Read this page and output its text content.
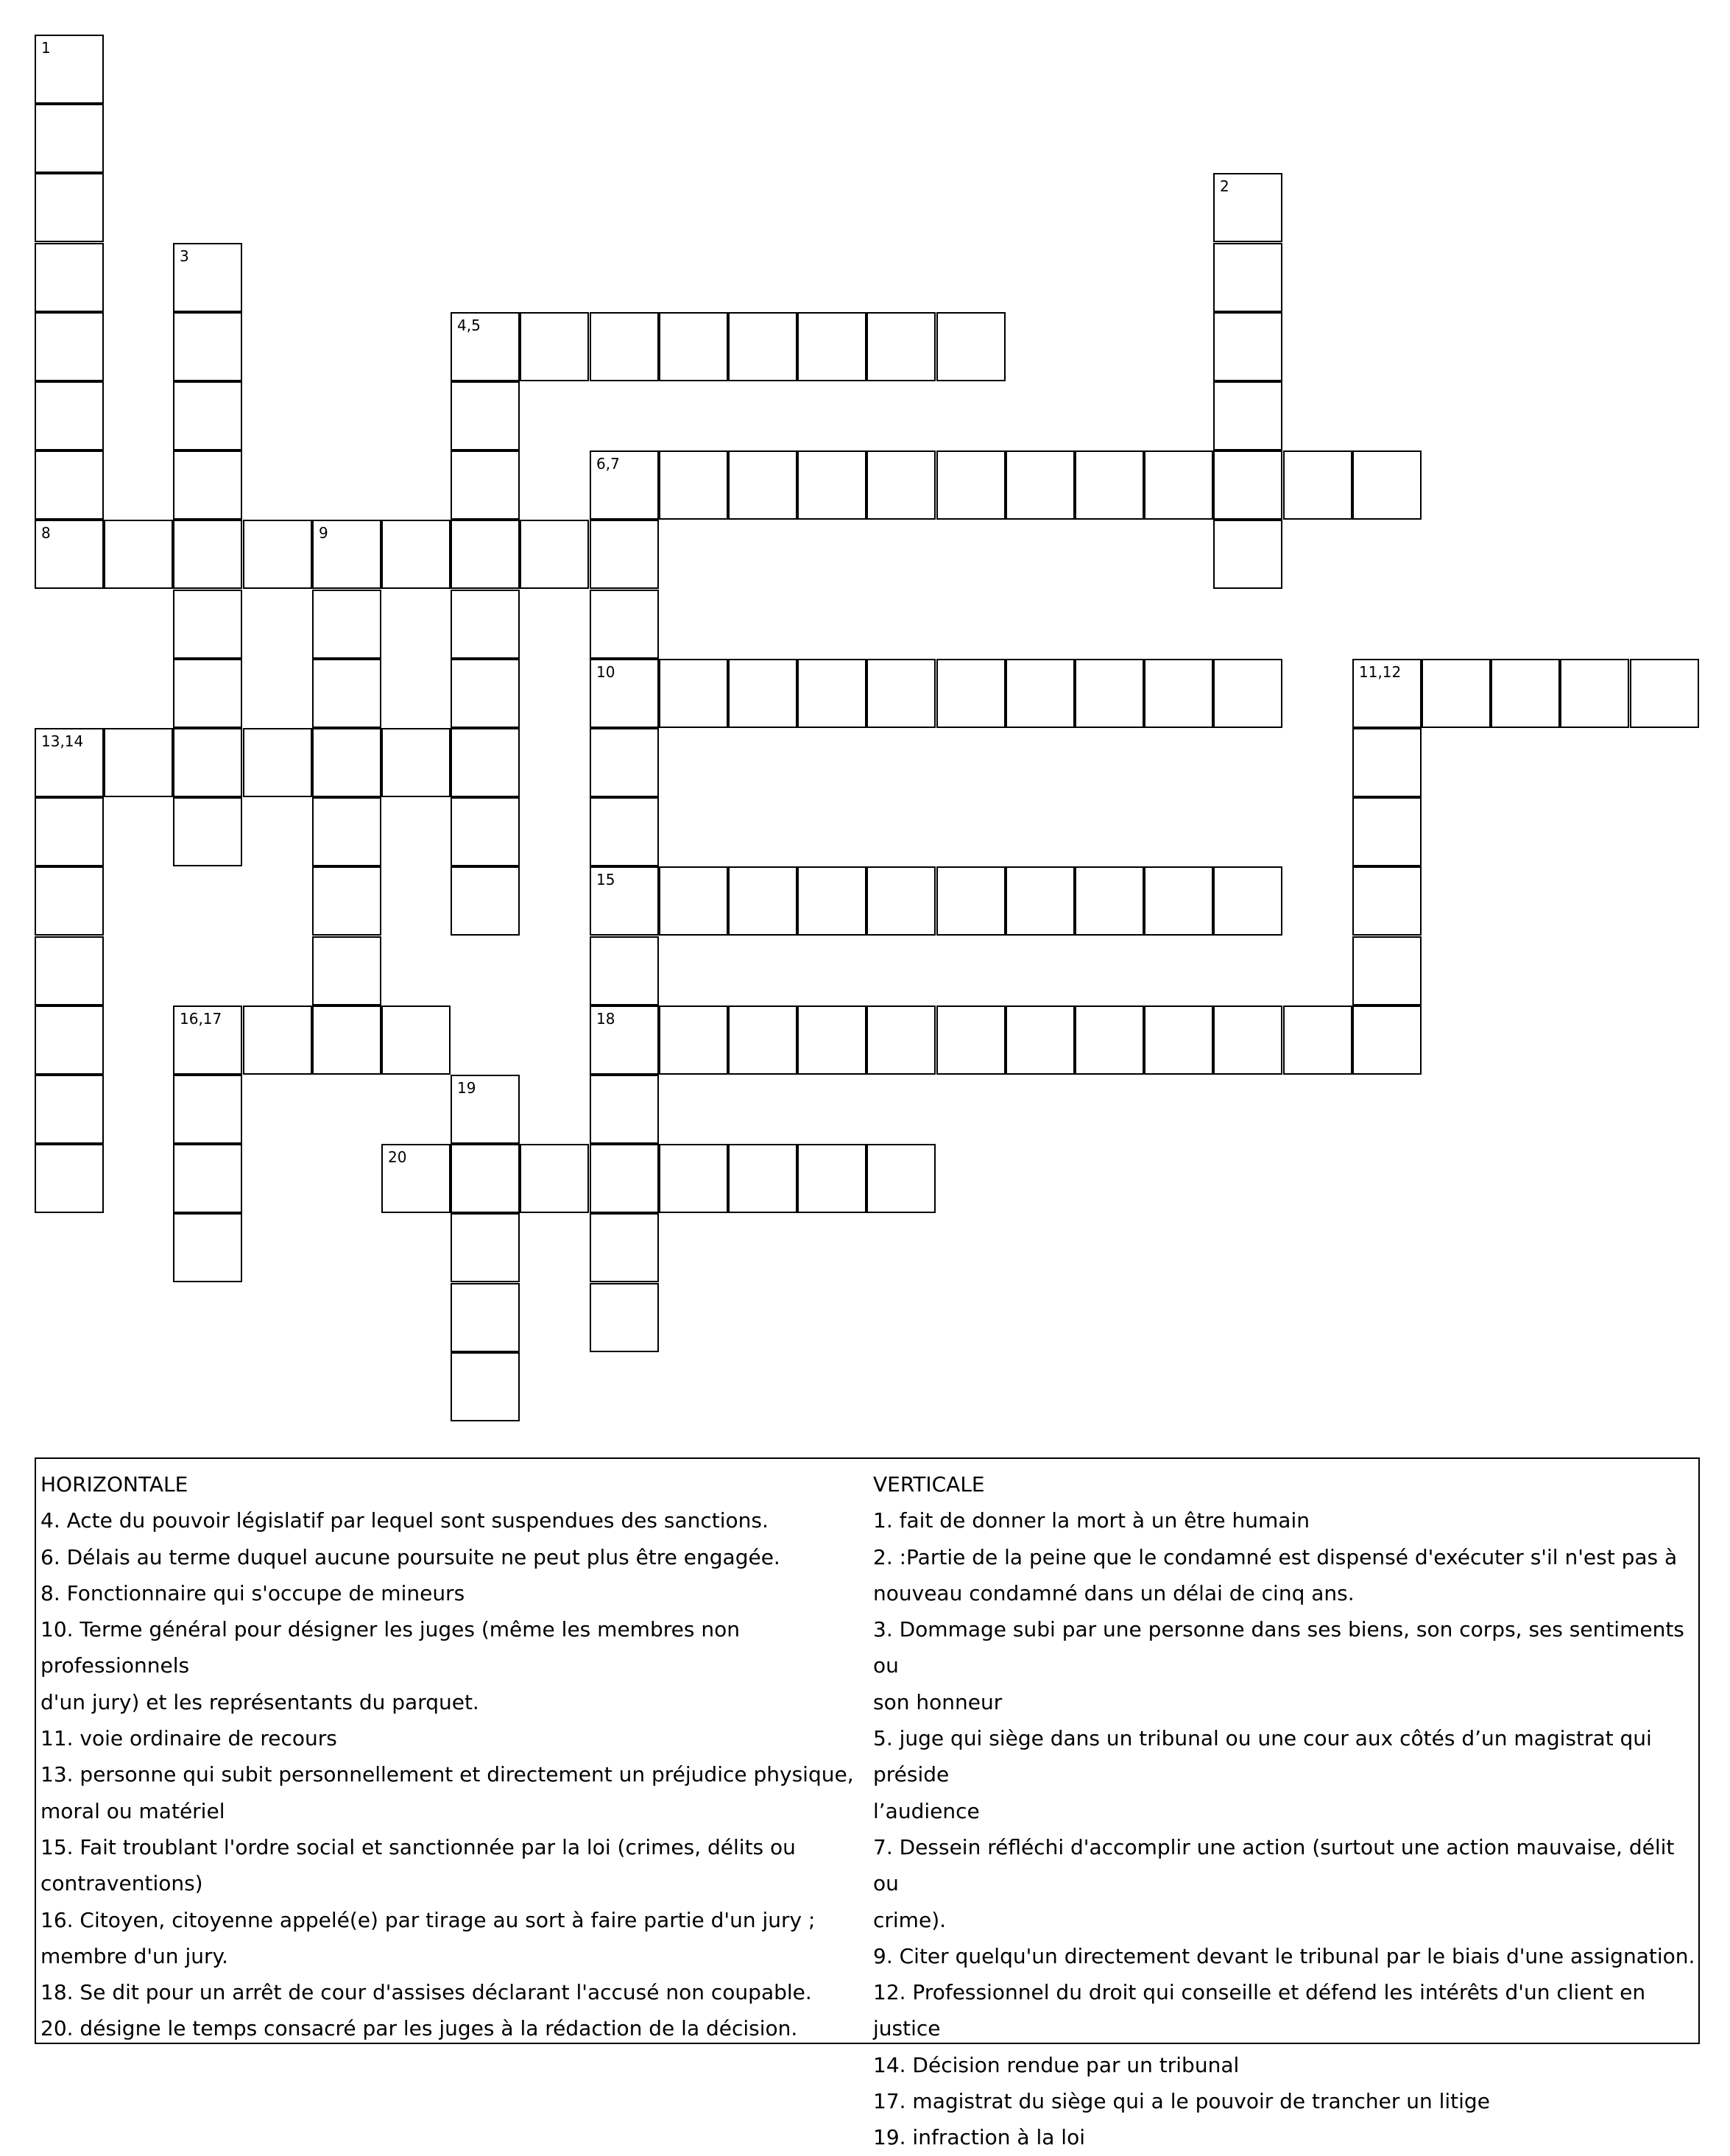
1
8
2
3
4,5
6,7
9
10
15
18
11,12
13,14
16,17
19
20
HORIZONTALE
4. Acte du pouvoir législatif par lequel sont suspendues des sanctions.
6. Délais au terme duquel aucune poursuite ne peut plus être engagée.
8. Fonctionnaire qui s'occupe de mineurs
10. Terme général pour désigner les juges (même les membres non professionnels
d'un jury) et les représentants du parquet.
11. voie ordinaire de recours
13. personne qui subit personnellement et directement un préjudice physique,
moral ou matériel
15. Fait troublant l'ordre social et sanctionnée par la loi (crimes, délits ou
contraventions)
16. Citoyen, citoyenne appelé(e) par tirage au sort à faire partie d'un jury ;
membre d'un jury.
18. Se dit pour un arrêt de cour d'assises déclarant l'accusé non coupable.
20. désigne le temps consacré par les juges à la rédaction de la décision.
VERTICALE
1. fait de donner la mort à un être humain
2. :Partie de la peine que le condamné est dispensé d'exécuter s'il n'est pas à
nouveau condamné dans un délai de cinq ans.
3. Dommage subi par une personne dans ses biens, son corps, ses sentiments ou
son honneur
5. juge qui siège dans un tribunal ou une cour aux côtés d’un magistrat qui préside
l’audience
7. Dessein réfléchi d'accomplir une action (surtout une action mauvaise, délit ou
crime).
9. Citer quelqu'un directement devant le tribunal par le biais d'une assignation.
12. Professionnel du droit qui conseille et défend les intérêts d'un client en justice
14. Décision rendue par un tribunal
17. magistrat du siège qui a le pouvoir de trancher un litige
19. infraction à la loi
